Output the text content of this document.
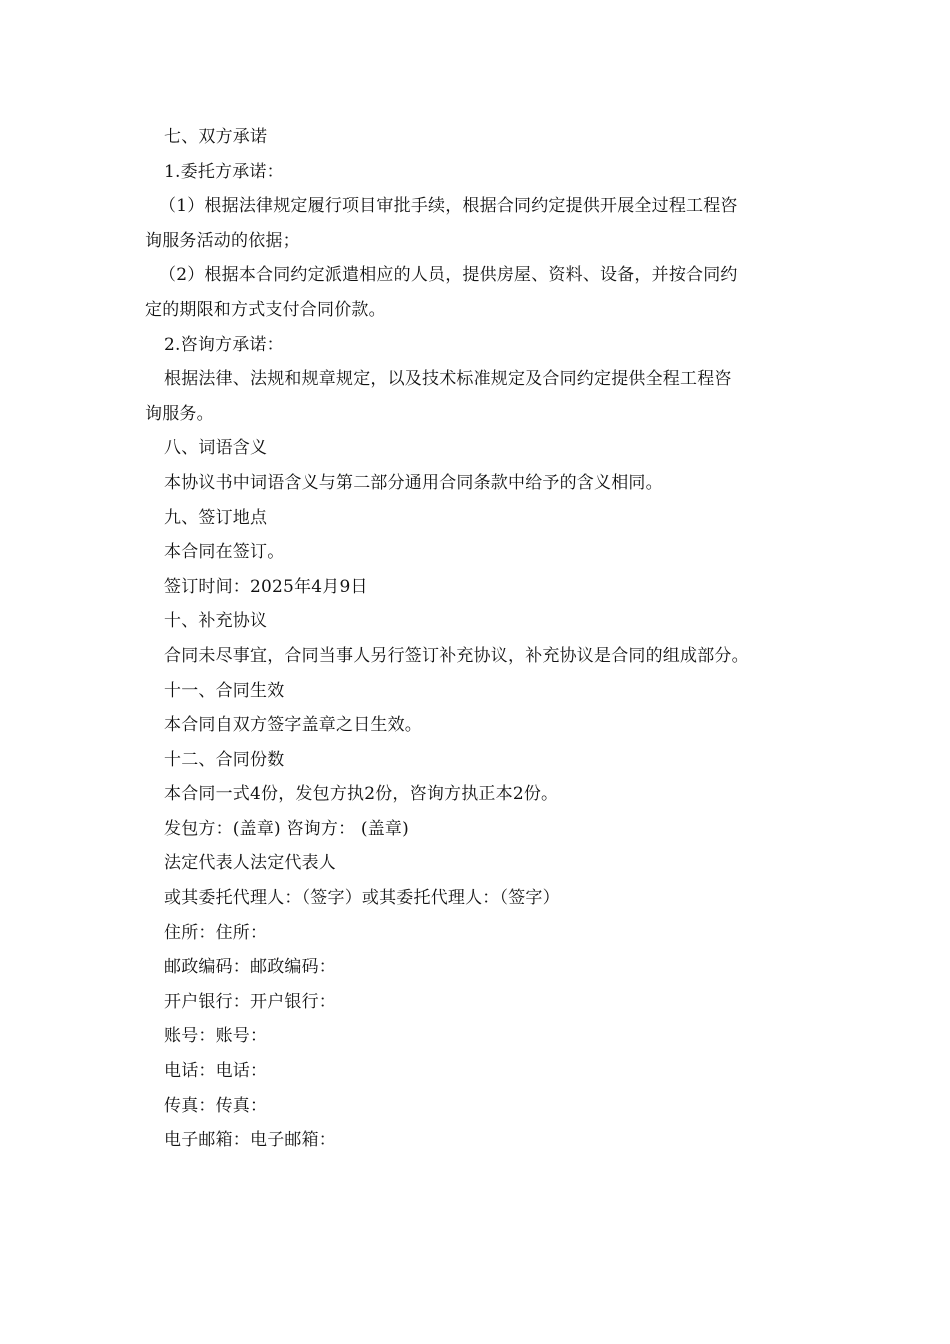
七、双方承诺
1.委托方承诺：
（1）根据法律规定履行项目审批手续，根据合同约定提供开展全过程工程咨
询服务活动的依据；
（2）根据本合同约定派遣相应的人员，提供房屋、资料、设备，并按合同约
定的期限和方式支付合同价款。
2.咨询方承诺：
根据法律、法规和规章规定，以及技术标准规定及合同约定提供全程工程咨
询服务。
八、词语含义
本协议书中词语含义与第二部分通用合同条款中给予的含义相同。
九、签订地点
本合同在签订。
签订时间：2025年4月9日
十、补充协议
合同未尽事宜，合同当事人另行签订补充协议，补充协议是合同的组成部分。
十一、合同生效
本合同自双方签字盖章之日生效。
十二、合同份数
本合同一式4份，发包方执2份，咨询方执正本2份。
发包方：(盖章) 咨询方： (盖章)
法定代表人法定代表人
或其委托代理人：（签字）或其委托代理人：（签字）
住所：住所：
邮政编码：邮政编码：
开户银行：开户银行：
账号：账号：
电话：电话：
传真：传真：
电子邮箱：电子邮箱：
